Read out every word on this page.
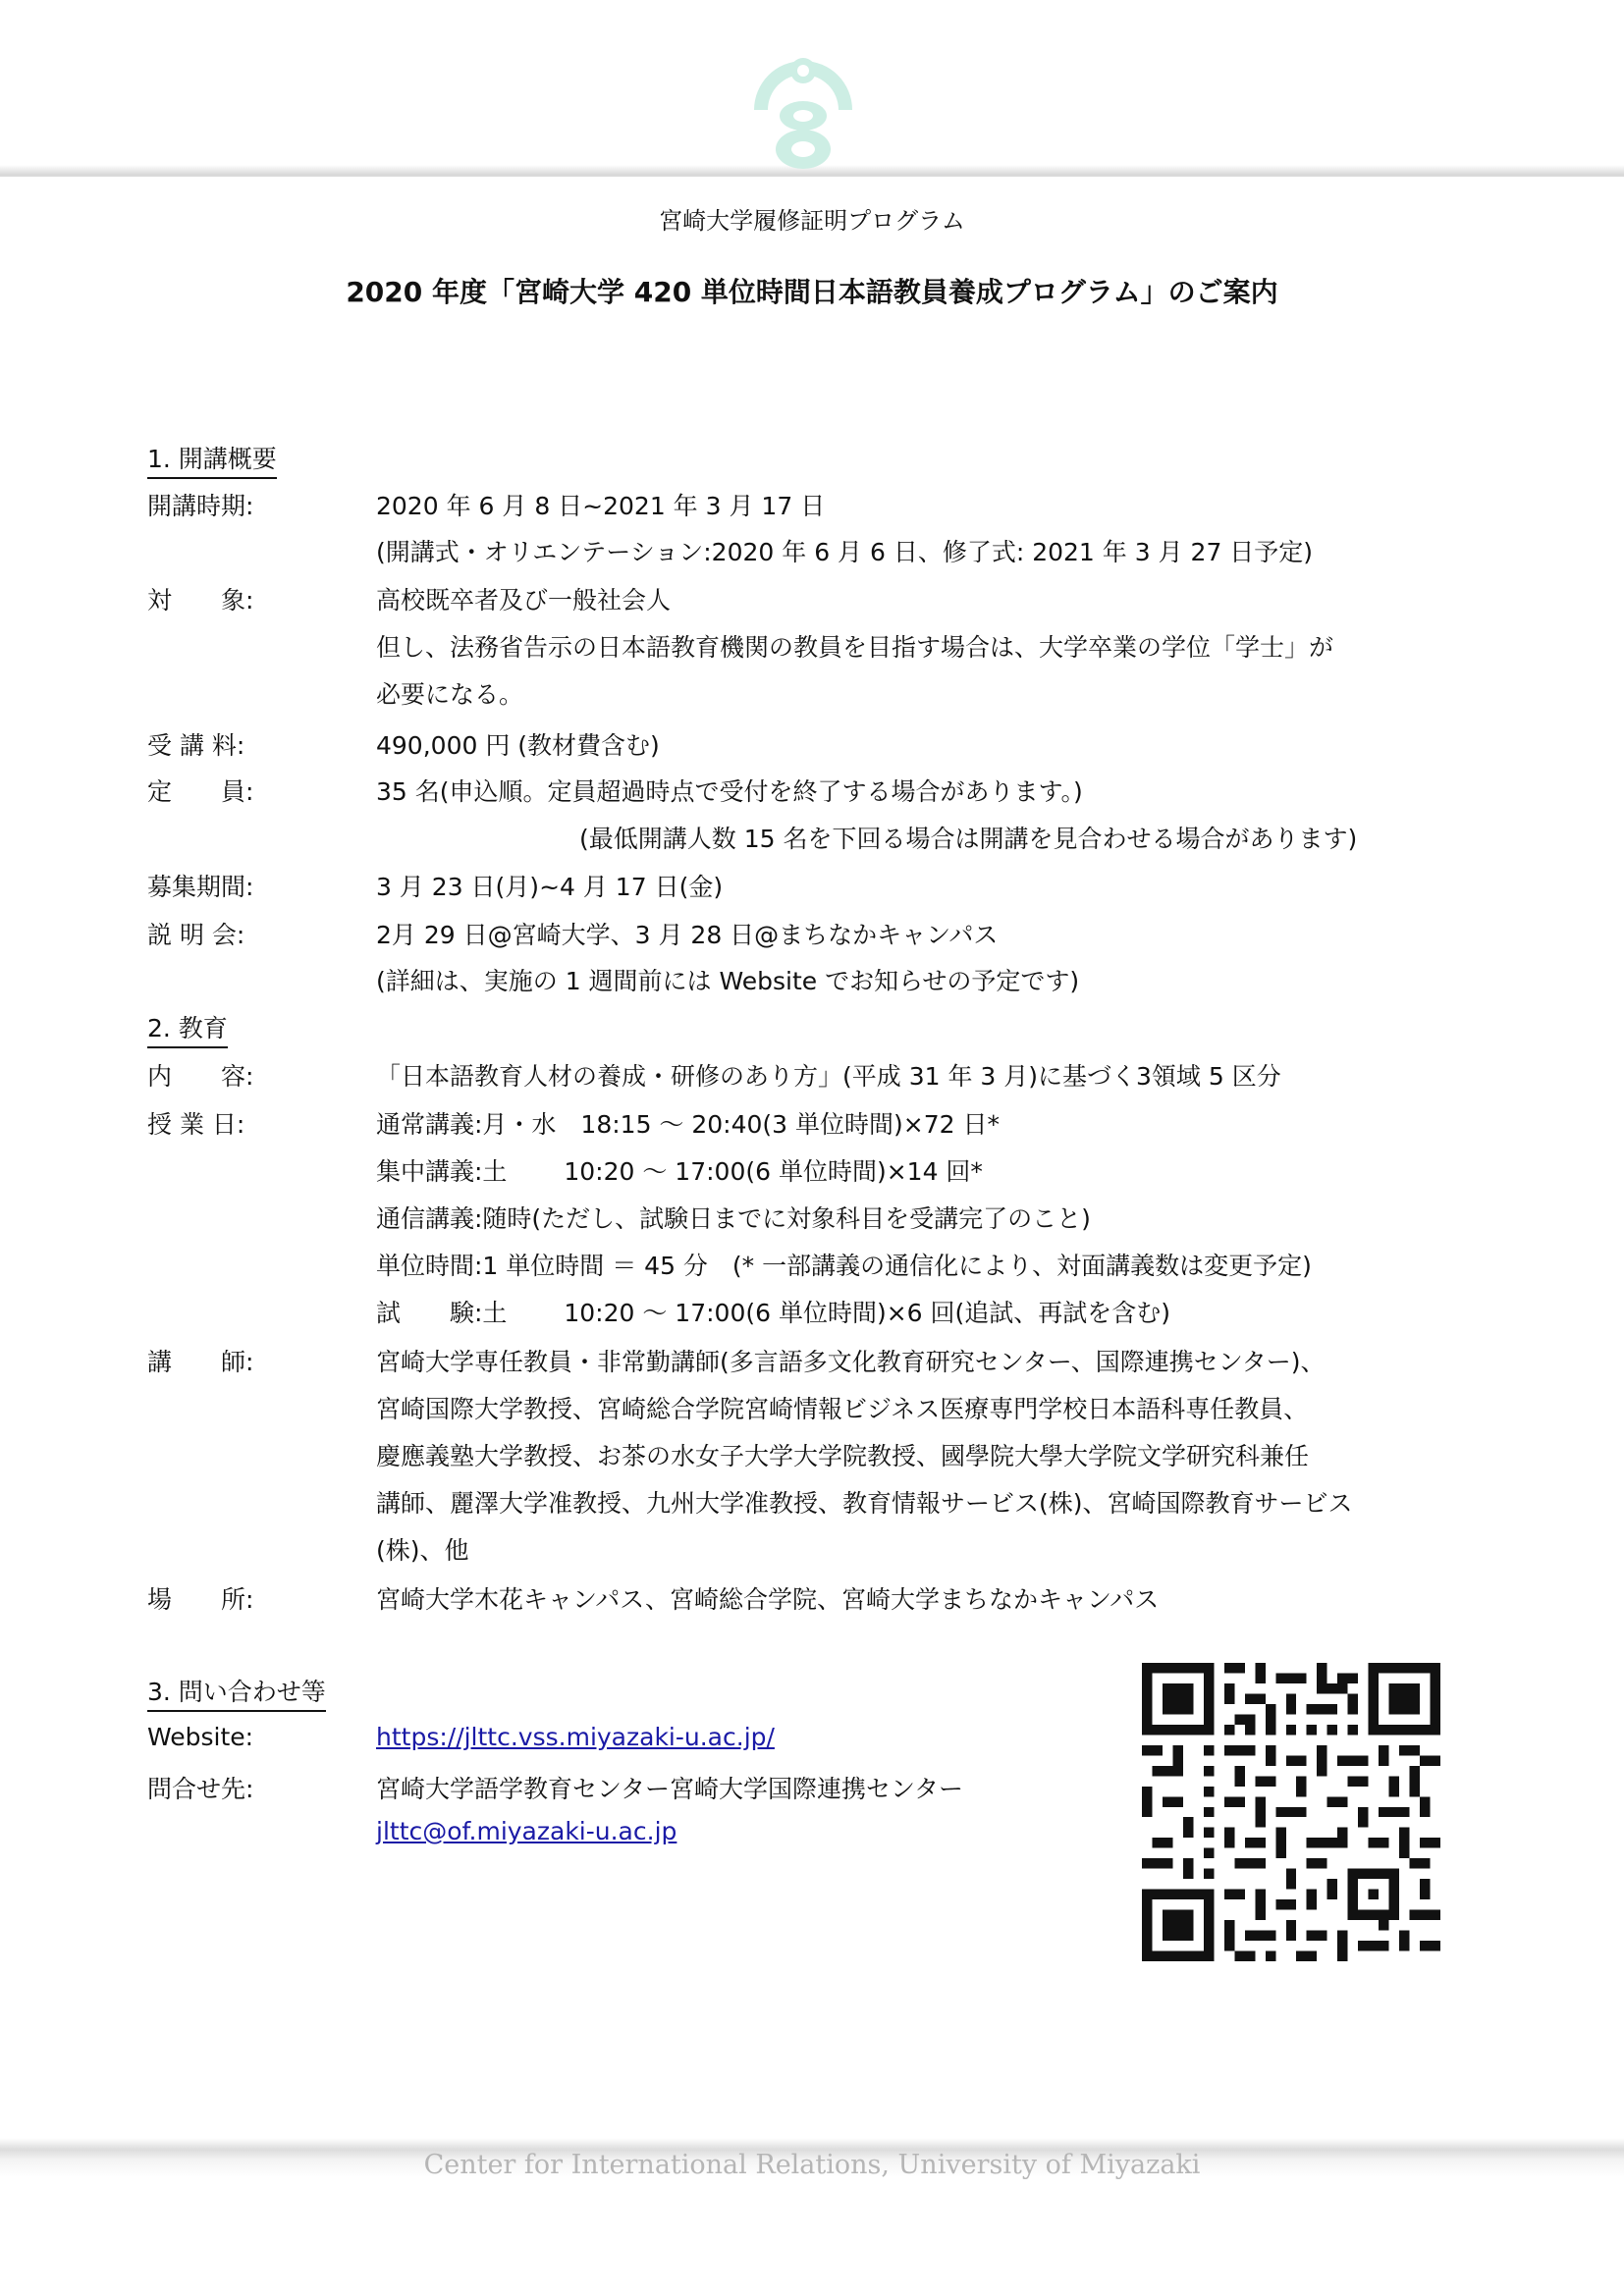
宮崎大学履修証明プログラム
2020 年度「宮崎大学 420 単位時間日本語教員養成プログラム」のご案内
1. 開講概要
開講時期:	2020 年 6 月 8 日~2021 年 3 月 17 日
(開講式・オリエンテーション:2020 年 6 月 6 日、修了式: 2021 年 3 月 27 日予定)
対　　象:	高校既卒者及び一般社会人
但し、法務省告示の日本語教育機関の教員を目指す場合は、大学卒業の学位「学士」が
必要になる。
受 講 料:	490,000 円 (教材費含む)
定　　員:	35 名(申込順。定員超過時点で受付を終了する場合があります。)
(最低開講人数 15 名を下回る場合は開講を見合わせる場合があります)
募集期間:	3 月 23 日(月)~4 月 17 日(金)
説 明 会:	2月 29 日@宮崎大学、3 月 28 日@まちなかキャンパス
(詳細は、実施の 1 週間前には Website でお知らせの予定です)
2. 教育
内　　容:	「日本語教育人材の養成・研修のあり方」(平成 31 年 3 月)に基づく3領域 5 区分
授 業 日:	通常講義:月・水　18:15 ～ 20:40(3 単位時間)×72 日*
集中講義:土　　 10:20 ～ 17:00(6 単位時間)×14 回*
通信講義:随時(ただし、試験日までに対象科目を受講完了のこと)
単位時間:1 単位時間 ＝ 45 分　(* 一部講義の通信化により、対面講義数は変更予定)
試　　験:土　　 10:20 ～ 17:00(6 単位時間)×6 回(追試、再試を含む)
講　　師:	宮崎大学専任教員・非常勤講師(多言語多文化教育研究センター、国際連携センター)、
宮崎国際大学教授、宮崎総合学院宮崎情報ビジネス医療専門学校日本語科専任教員、
慶應義塾大学教授、お茶の水女子大学大学院教授、國學院大學大学院文学研究科兼任
講師、麗澤大学准教授、九州大学准教授、教育情報サービス(株)、宮崎国際教育サービス
(株)、他
場　　所:	宮崎大学木花キャンパス、宮崎総合学院、宮崎大学まちなかキャンパス
3. 問い合わせ等
Website:	https://jlttc.vss.miyazaki-u.ac.jp/
問合せ先:	宮崎大学語学教育センター宮崎大学国際連携センター
jlttc@of.miyazaki-u.ac.jp
Center for International Relations, University of Miyazaki
